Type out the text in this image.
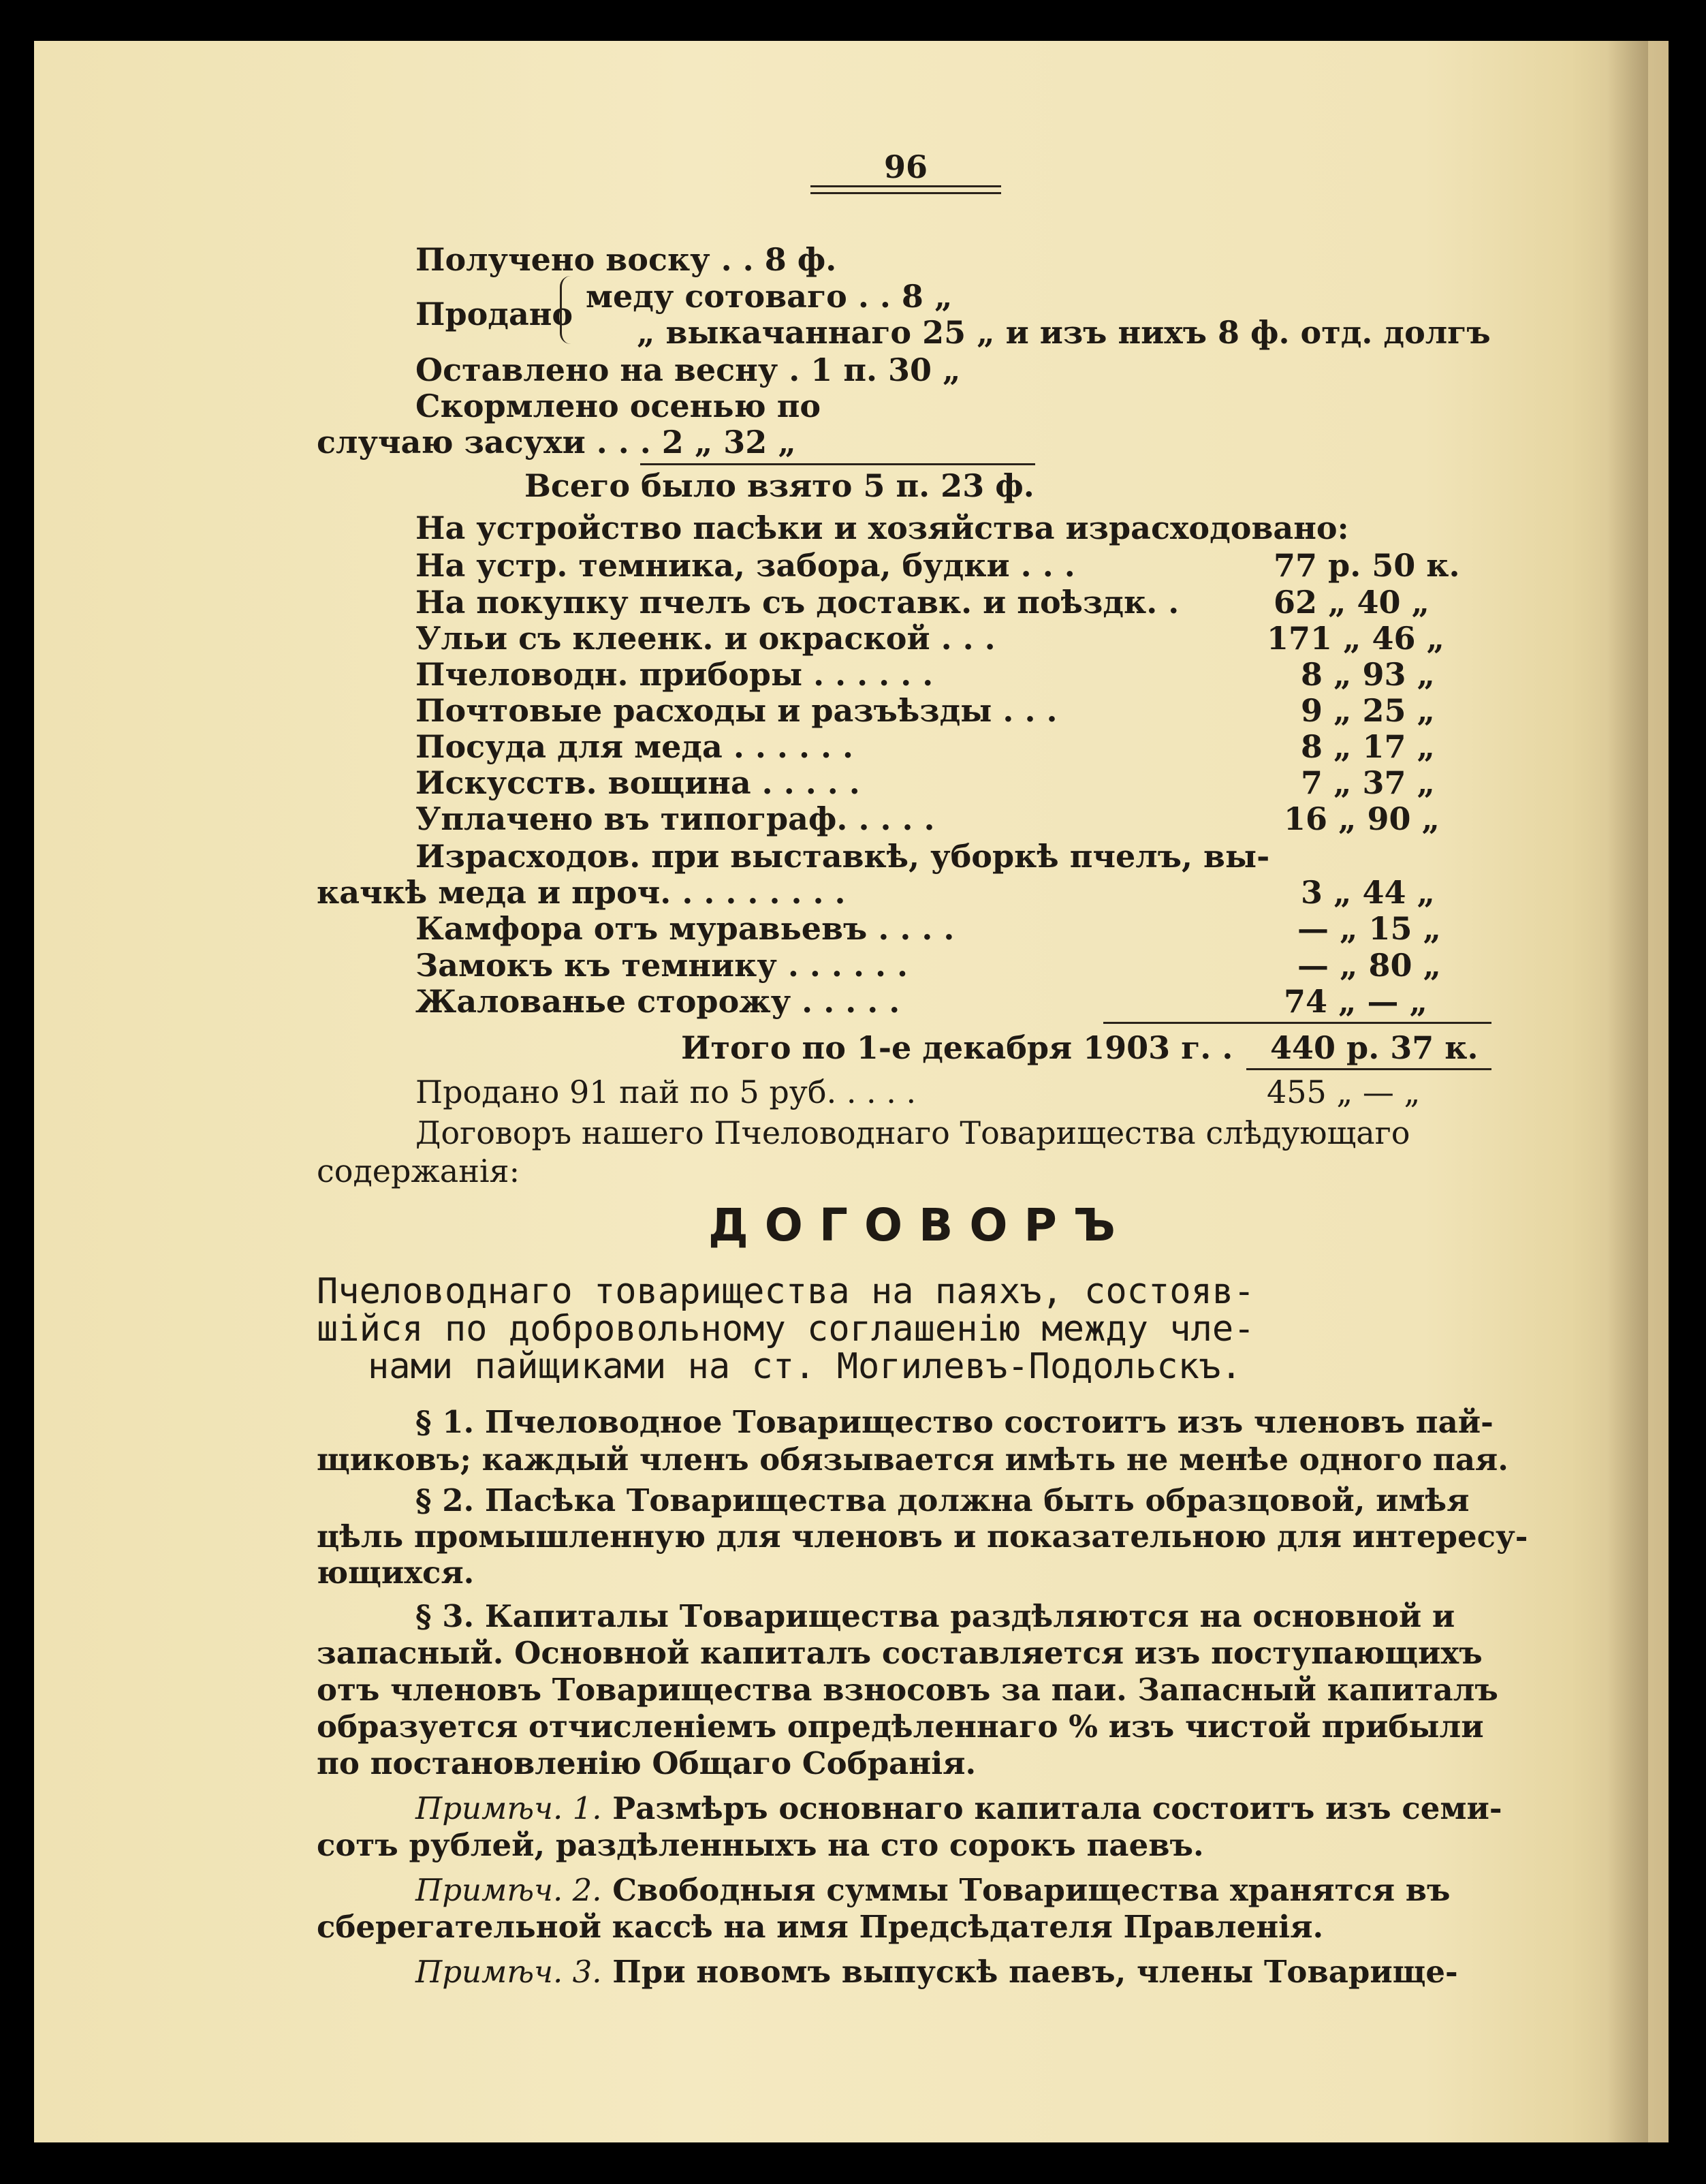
96
Получено воску . . 8 ф.
Продано меду сотоваго . . 8 „
„ выкачаннаго 25 „ и изъ нихъ 8 ф. отд. долгъ
Оставлено на весну . 1 п. 30 „
Скормлено осенью по
случаю засухи . . . 2 „ 32 „
Всего было взято 5 п. 23 ф.
На устройство пасѣки и хозяйства израсходовано:
На устр. темника, забора, будки . . .	77 р. 50 к.
На покупку пчелъ съ доставк. и поѣздк. .	62 „ 40 „
Ульи съ клеенк. и окраской . . .	171 „ 46 „
Пчеловодн. приборы . . . . . .	8 „ 93 „
Почтовые расходы и разъѣзды . . .	9 „ 25 „
Посуда для меда . . . . . .	8 „ 17 „
Искусств. вощина . . . . .	7 „ 37 „
Уплачено въ типограф. . . . .	16 „ 90 „
Израсходов. при выставкѣ, уборкѣ пчелъ, вы-
качкѣ меда и проч. . . . . . . . .	3 „ 44 „
Камфора отъ муравьевъ . . . .	— „ 15 „
Замокъ къ темнику . . . . . .	— „ 80 „
Жалованье сторожу . . . . .	74 „ — „
Итого по 1-е декабря 1903 г. . 440 р. 37 к.
Продано 91 пай по 5 руб. . . . .	455 „ — „
Договоръ нашего Пчеловоднаго Товарищества слѣдующаго
содержанія:
ДОГОВОРЪ
Пчеловоднаго товарищества на паяхъ, состояв-
шійся по добровольному соглашенію между чле-
нами пайщиками на ст. Могилевъ-Подольскъ.
§ 1. Пчеловодное Товарищество состоитъ изъ членовъ пай-
щиковъ; каждый членъ обязывается имѣть не менѣе одного пая.
§ 2. Пасѣка Товарищества должна быть образцовой, имѣя
цѣль промышленную для членовъ и показательною для интересу-
ющихся.
§ 3. Капиталы Товарищества раздѣляются на основной и
запасный. Основной капиталъ составляется изъ поступающихъ
отъ членовъ Товарищества взносовъ за паи. Запасный капиталъ
образуется отчисленіемъ опредѣленнаго % изъ чистой прибыли
по постановленію Общаго Собранія.
Примѣч. 1. Размѣръ основнаго капитала состоитъ изъ семи-
сотъ рублей, раздѣленныхъ на сто сорокъ паевъ.
Примѣч. 2. Свободныя суммы Товарищества хранятся въ
сберегательной кассѣ на имя Предсѣдателя Правленія.
Примѣч. 3. При новомъ выпускѣ паевъ, члены Товарище-
